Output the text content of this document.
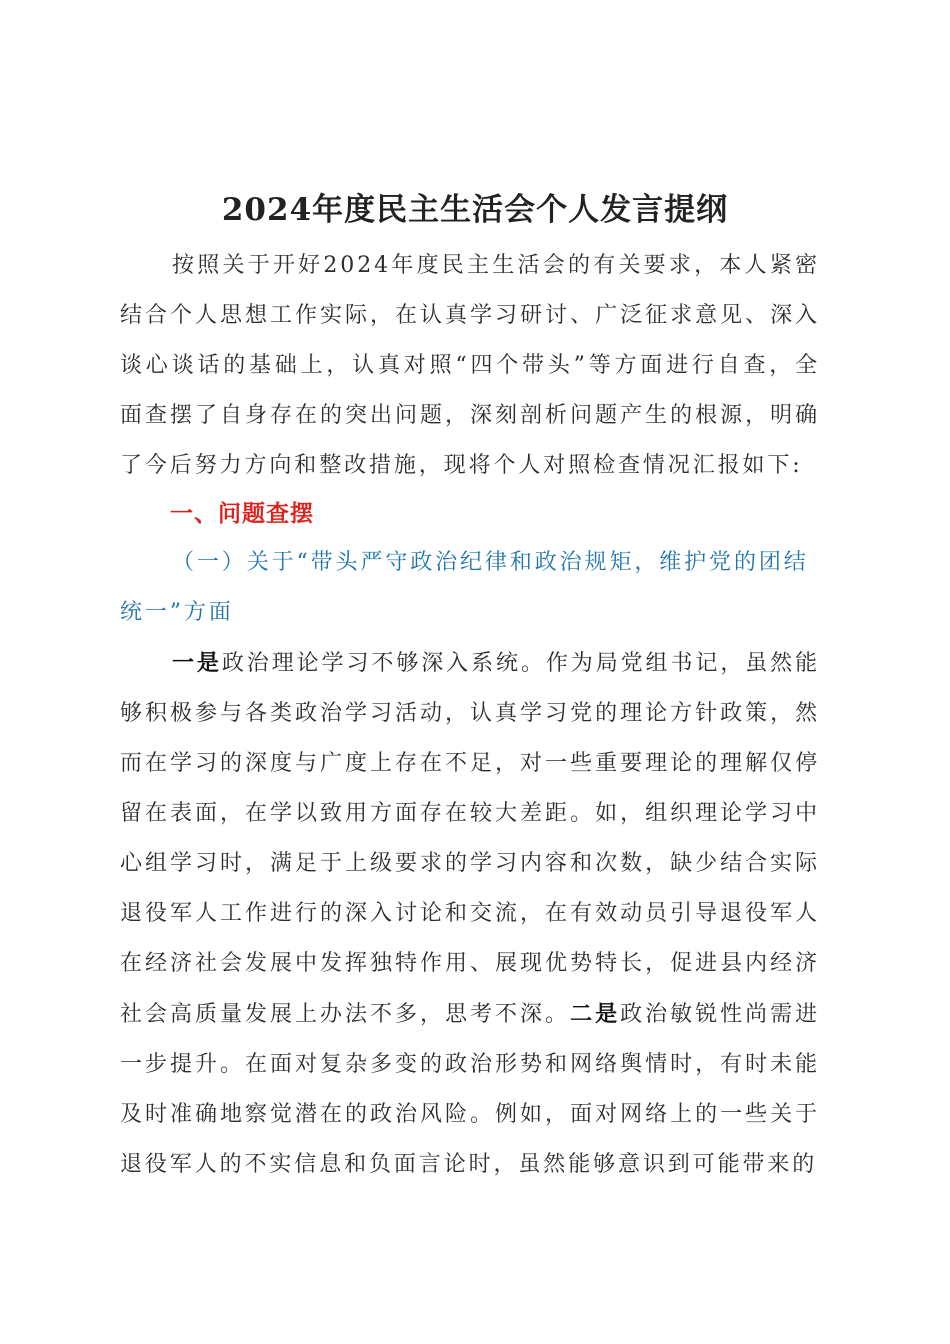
2024年度民主生活会个人发言提纲

按照关于开好2024年度民主生活会的有关要求，本人紧密结合个人思想工作实际，在认真学习研讨、广泛征求意见、深入谈心谈话的基础上，认真对照“四个带头”等方面进行自查，全面查摆了自身存在的突出问题，深刻剖析问题产生的根源，明确了今后努力方向和整改措施，现将个人对照检查情况汇报如下:

一、问题查摆

（一）关于“带头严守政治纪律和政治规矩，维护党的团结统一”方面

一是政治理论学习不够深入系统。作为局党组书记，虽然能够积极参与各类政治学习活动，认真学习党的理论方针政策，然而在学习的深度与广度上存在不足，对一些重要理论的理解仅停留在表面，在学以致用方面存在较大差距。如，组织理论学习中心组学习时，满足于上级要求的学习内容和次数，缺少结合实际退役军人工作进行的深入讨论和交流，在有效动员引导退役军人在经济社会发展中发挥独特作用、展现优势特长，促进县内经济社会高质量发展上办法不多，思考不深。二是政治敏锐性尚需进一步提升。在面对复杂多变的政治形势和网络舆情时，有时未能及时准确地察觉潜在的政治风险。例如，面对网络上的一些关于退役军人的不实信息和负面言论时，虽然能够意识到可能带来的
